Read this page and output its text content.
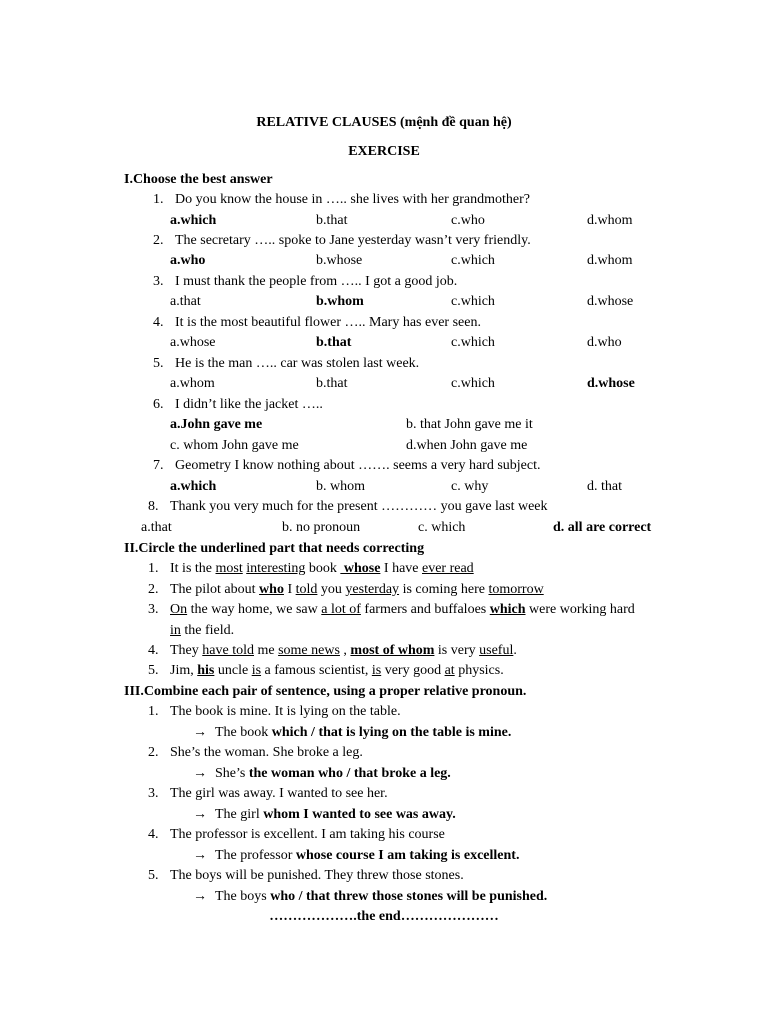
RELATIVE CLAUSES (mệnh đề quan hệ)
EXERCISE
I.Choose the best answer
1. Do you know the house in ….. she lives with her grandmother?
a.which	b.that	c.who	d.whom
2. The secretary ….. spoke to Jane yesterday wasn’t very friendly.
a.who	b.whose	c.which	d.whom
3. I must thank the people from ….. I got a good job.
a.that	b.whom	c.which	d.whose
4. It is the most beautiful flower ….. Mary has ever seen.
a.whose	b.that	c.which	d.who
5. He is the man ….. car was stolen last week.
a.whom	b.that	c.which	d.whose
6. I didn’t like the jacket …..
a.John gave me	b. that John gave me it
c. whom John gave me	d.when John gave me
7. Geometry I know nothing about ……. seems a very hard subject.
a.which	b. whom	c. why	d. that
8. Thank you very much for the present ………… you gave last week
a.that	b. no pronoun	c. which	d. all are correct
II.Circle the underlined part that needs correcting
1. It is the most interesting book  whose I have ever read
2. The pilot about who I told you yesterday is coming here tomorrow
3. On the way home, we saw a lot of farmers and buffaloes which were working hard
in the field.
4. They have told me some news , most of whom is very useful.
5. Jim, his uncle is a famous scientist, is very good at physics.
III.Combine each pair of sentence, using a proper relative pronoun.
1. The book is mine. It is lying on the table.
→ The book which / that is lying on the table is mine.
2. She’s the woman. She broke a leg.
→ She’s the woman who / that broke a leg.
3. The girl was away. I wanted to see her.
→ The girl whom I wanted to see was away.
4. The professor is excellent. I am taking his course
→ The professor whose course I am taking is excellent.
5. The boys will be punished. They threw those stones.
→ The boys who / that threw those stones will be punished.
……………….the end…………………
